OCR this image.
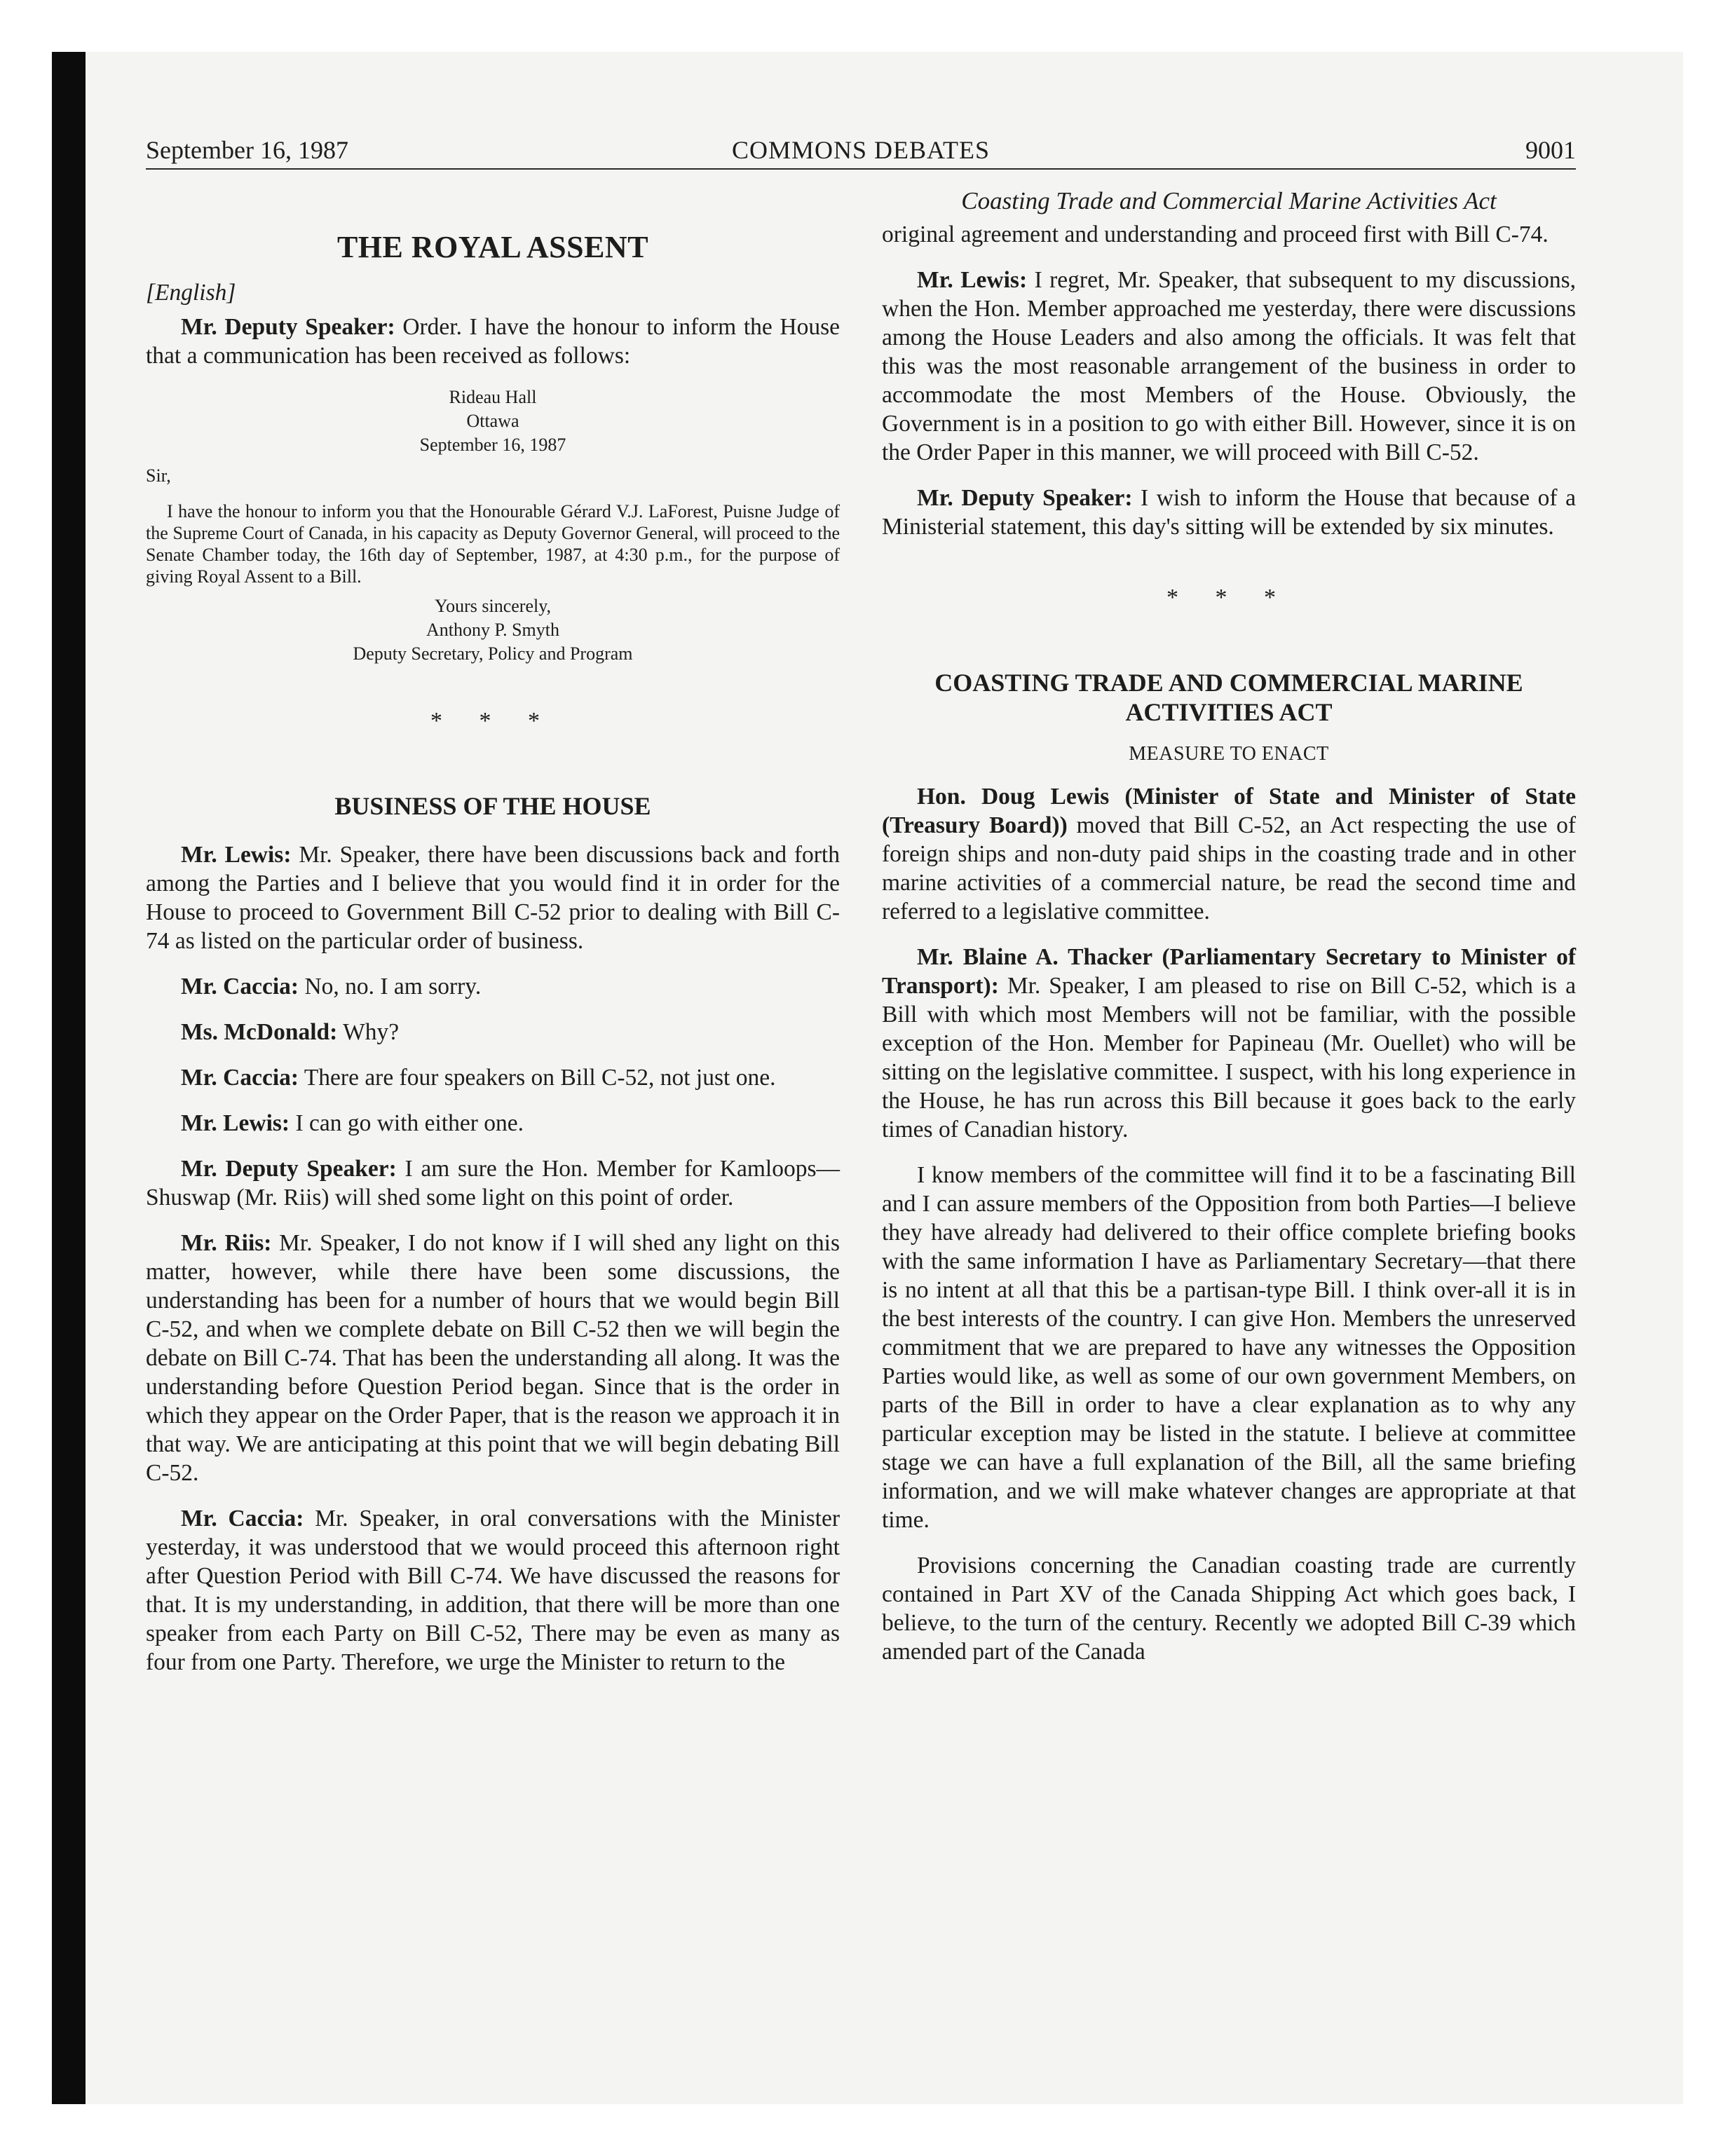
September 16, 1987	COMMONS DEBATES	9001
THE ROYAL ASSENT
[English]

Mr. Deputy Speaker: Order. I have the honour to inform the House that a communication has been received as follows:

Rideau Hall
Ottawa
September 16, 1987
Sir,
I have the honour to inform you that the Honourable Gérard V.J. LaForest, Puisne Judge of the Supreme Court of Canada, in his capacity as Deputy Governor General, will proceed to the Senate Chamber today, the 16th day of September, 1987, at 4:30 p.m., for the purpose of giving Royal Assent to a Bill.
Yours sincerely,
Anthony P. Smyth
Deputy Secretary, Policy and Program
* * *
BUSINESS OF THE HOUSE

Mr. Lewis: Mr. Speaker, there have been discussions back and forth among the Parties and I believe that you would find it in order for the House to proceed to Government Bill C-52 prior to dealing with Bill C-74 as listed on the particular order of business.

Mr. Caccia: No, no. I am sorry.

Ms. McDonald: Why?

Mr. Caccia: There are four speakers on Bill C-52, not just one.

Mr. Lewis: I can go with either one.

Mr. Deputy Speaker: I am sure the Hon. Member for Kamloops—Shuswap (Mr. Riis) will shed some light on this point of order.

Mr. Riis: Mr. Speaker, I do not know if I will shed any light on this matter, however, while there have been some discussions, the understanding has been for a number of hours that we would begin Bill C-52, and when we complete debate on Bill C-52 then we will begin the debate on Bill C-74. That has been the understanding all along. It was the understanding before Question Period began. Since that is the order in which they appear on the Order Paper, that is the reason we approach it in that way. We are anticipating at this point that we will begin debating Bill C-52.

Mr. Caccia: Mr. Speaker, in oral conversations with the Minister yesterday, it was understood that we would proceed this afternoon right after Question Period with Bill C-74. We have discussed the reasons for that. It is my understanding, in addition, that there will be more than one speaker from each Party on Bill C-52, There may be even as many as four from one Party. Therefore, we urge the Minister to return to the

Coasting Trade and Commercial Marine Activities Act

original agreement and understanding and proceed first with Bill C-74.

Mr. Lewis: I regret, Mr. Speaker, that subsequent to my discussions, when the Hon. Member approached me yesterday, there were discussions among the House Leaders and also among the officials. It was felt that this was the most reasonable arrangement of the business in order to accommodate the most Members of the House. Obviously, the Government is in a position to go with either Bill. However, since it is on the Order Paper in this manner, we will proceed with Bill C-52.

Mr. Deputy Speaker: I wish to inform the House that because of a Ministerial statement, this day's sitting will be extended by six minutes.

* * *
COASTING TRADE AND COMMERCIAL MARINE ACTIVITIES ACT
MEASURE TO ENACT

Hon. Doug Lewis (Minister of State and Minister of State (Treasury Board)) moved that Bill C-52, an Act respecting the use of foreign ships and non-duty paid ships in the coasting trade and in other marine activities of a commercial nature, be read the second time and referred to a legislative committee.

Mr. Blaine A. Thacker (Parliamentary Secretary to Minister of Transport): Mr. Speaker, I am pleased to rise on Bill C-52, which is a Bill with which most Members will not be familiar, with the possible exception of the Hon. Member for Papineau (Mr. Ouellet) who will be sitting on the legislative committee. I suspect, with his long experience in the House, he has run across this Bill because it goes back to the early times of Canadian history.

I know members of the committee will find it to be a fascinating Bill and I can assure members of the Opposition from both Parties—I believe they have already had delivered to their office complete briefing books with the same information I have as Parliamentary Secretary—that there is no intent at all that this be a partisan-type Bill. I think over-all it is in the best interests of the country. I can give Hon. Members the unreserved commitment that we are prepared to have any witnesses the Opposition Parties would like, as well as some of our own government Members, on parts of the Bill in order to have a clear explanation as to why any particular exception may be listed in the statute. I believe at committee stage we can have a full explanation of the Bill, all the same briefing information, and we will make whatever changes are appropriate at that time.

Provisions concerning the Canadian coasting trade are currently contained in Part XV of the Canada Shipping Act which goes back, I believe, to the turn of the century. Recently we adopted Bill C-39 which amended part of the Canada
